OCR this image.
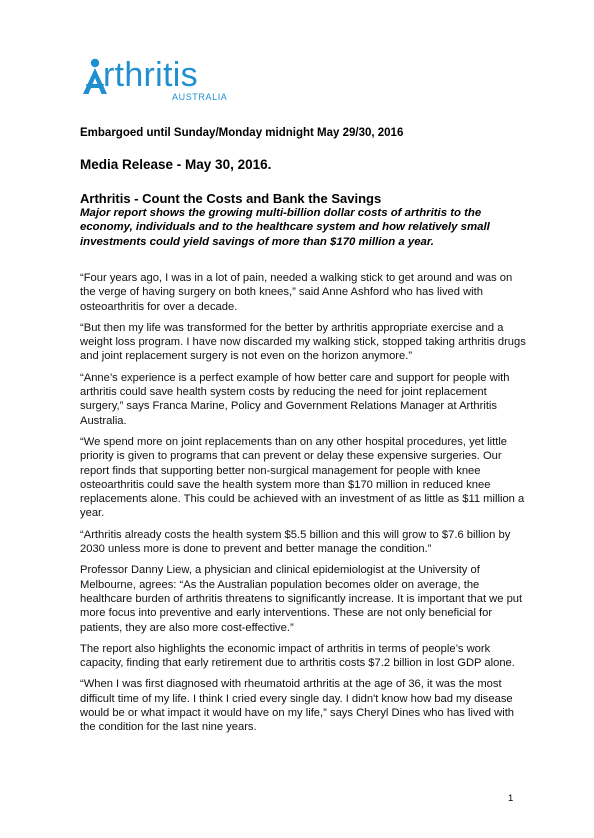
rthritis
AUSTRALIA
Embargoed until Sunday/Monday midnight May 29/30, 2016
Media Release - May 30, 2016.
Arthritis - Count the Costs and Bank the Savings
Major report shows the growing multi-billion dollar costs of arthritis to the economy, individuals and to the healthcare system and how relatively small investments could yield savings of more than $170 million a year.

“Four years ago, I was in a lot of pain, needed a walking stick to get around and was on the verge of having surgery on both knees,” said Anne Ashford who has lived with osteoarthritis for over a decade.

“But then my life was transformed for the better by arthritis appropriate exercise and a weight loss program. I have now discarded my walking stick, stopped taking arthritis drugs and joint replacement surgery is not even on the horizon anymore.”

“Anne’s experience is a perfect example of how better care and support for people with arthritis could save health system costs by reducing the need for joint replacement surgery,” says Franca Marine, Policy and Government Relations Manager at Arthritis Australia.

“We spend more on joint replacements than on any other hospital procedures, yet little priority is given to programs that can prevent or delay these expensive surgeries. Our report finds that supporting better non-surgical management for people with knee osteoarthritis could save the health system more than $170 million in reduced knee replacements alone. This could be achieved with an investment of as little as $11 million a year.

“Arthritis already costs the health system $5.5 billion and this will grow to $7.6 billion by 2030 unless more is done to prevent and better manage the condition.”

Professor Danny Liew, a physician and clinical epidemiologist at the University of Melbourne, agrees: “As the Australian population becomes older on average, the healthcare burden of arthritis threatens to significantly increase. It is important that we put more focus into preventive and early interventions. These are not only beneficial for patients, they are also more cost-effective.”

The report also highlights the economic impact of arthritis in terms of people’s work capacity, finding that early retirement due to arthritis costs $7.2 billion in lost GDP alone.

“When I was first diagnosed with rheumatoid arthritis at the age of 36, it was the most difficult time of my life. I think I cried every single day. I didn't know how bad my disease would be or what impact it would have on my life,” says Cheryl Dines who has lived with the condition for the last nine years.

1
